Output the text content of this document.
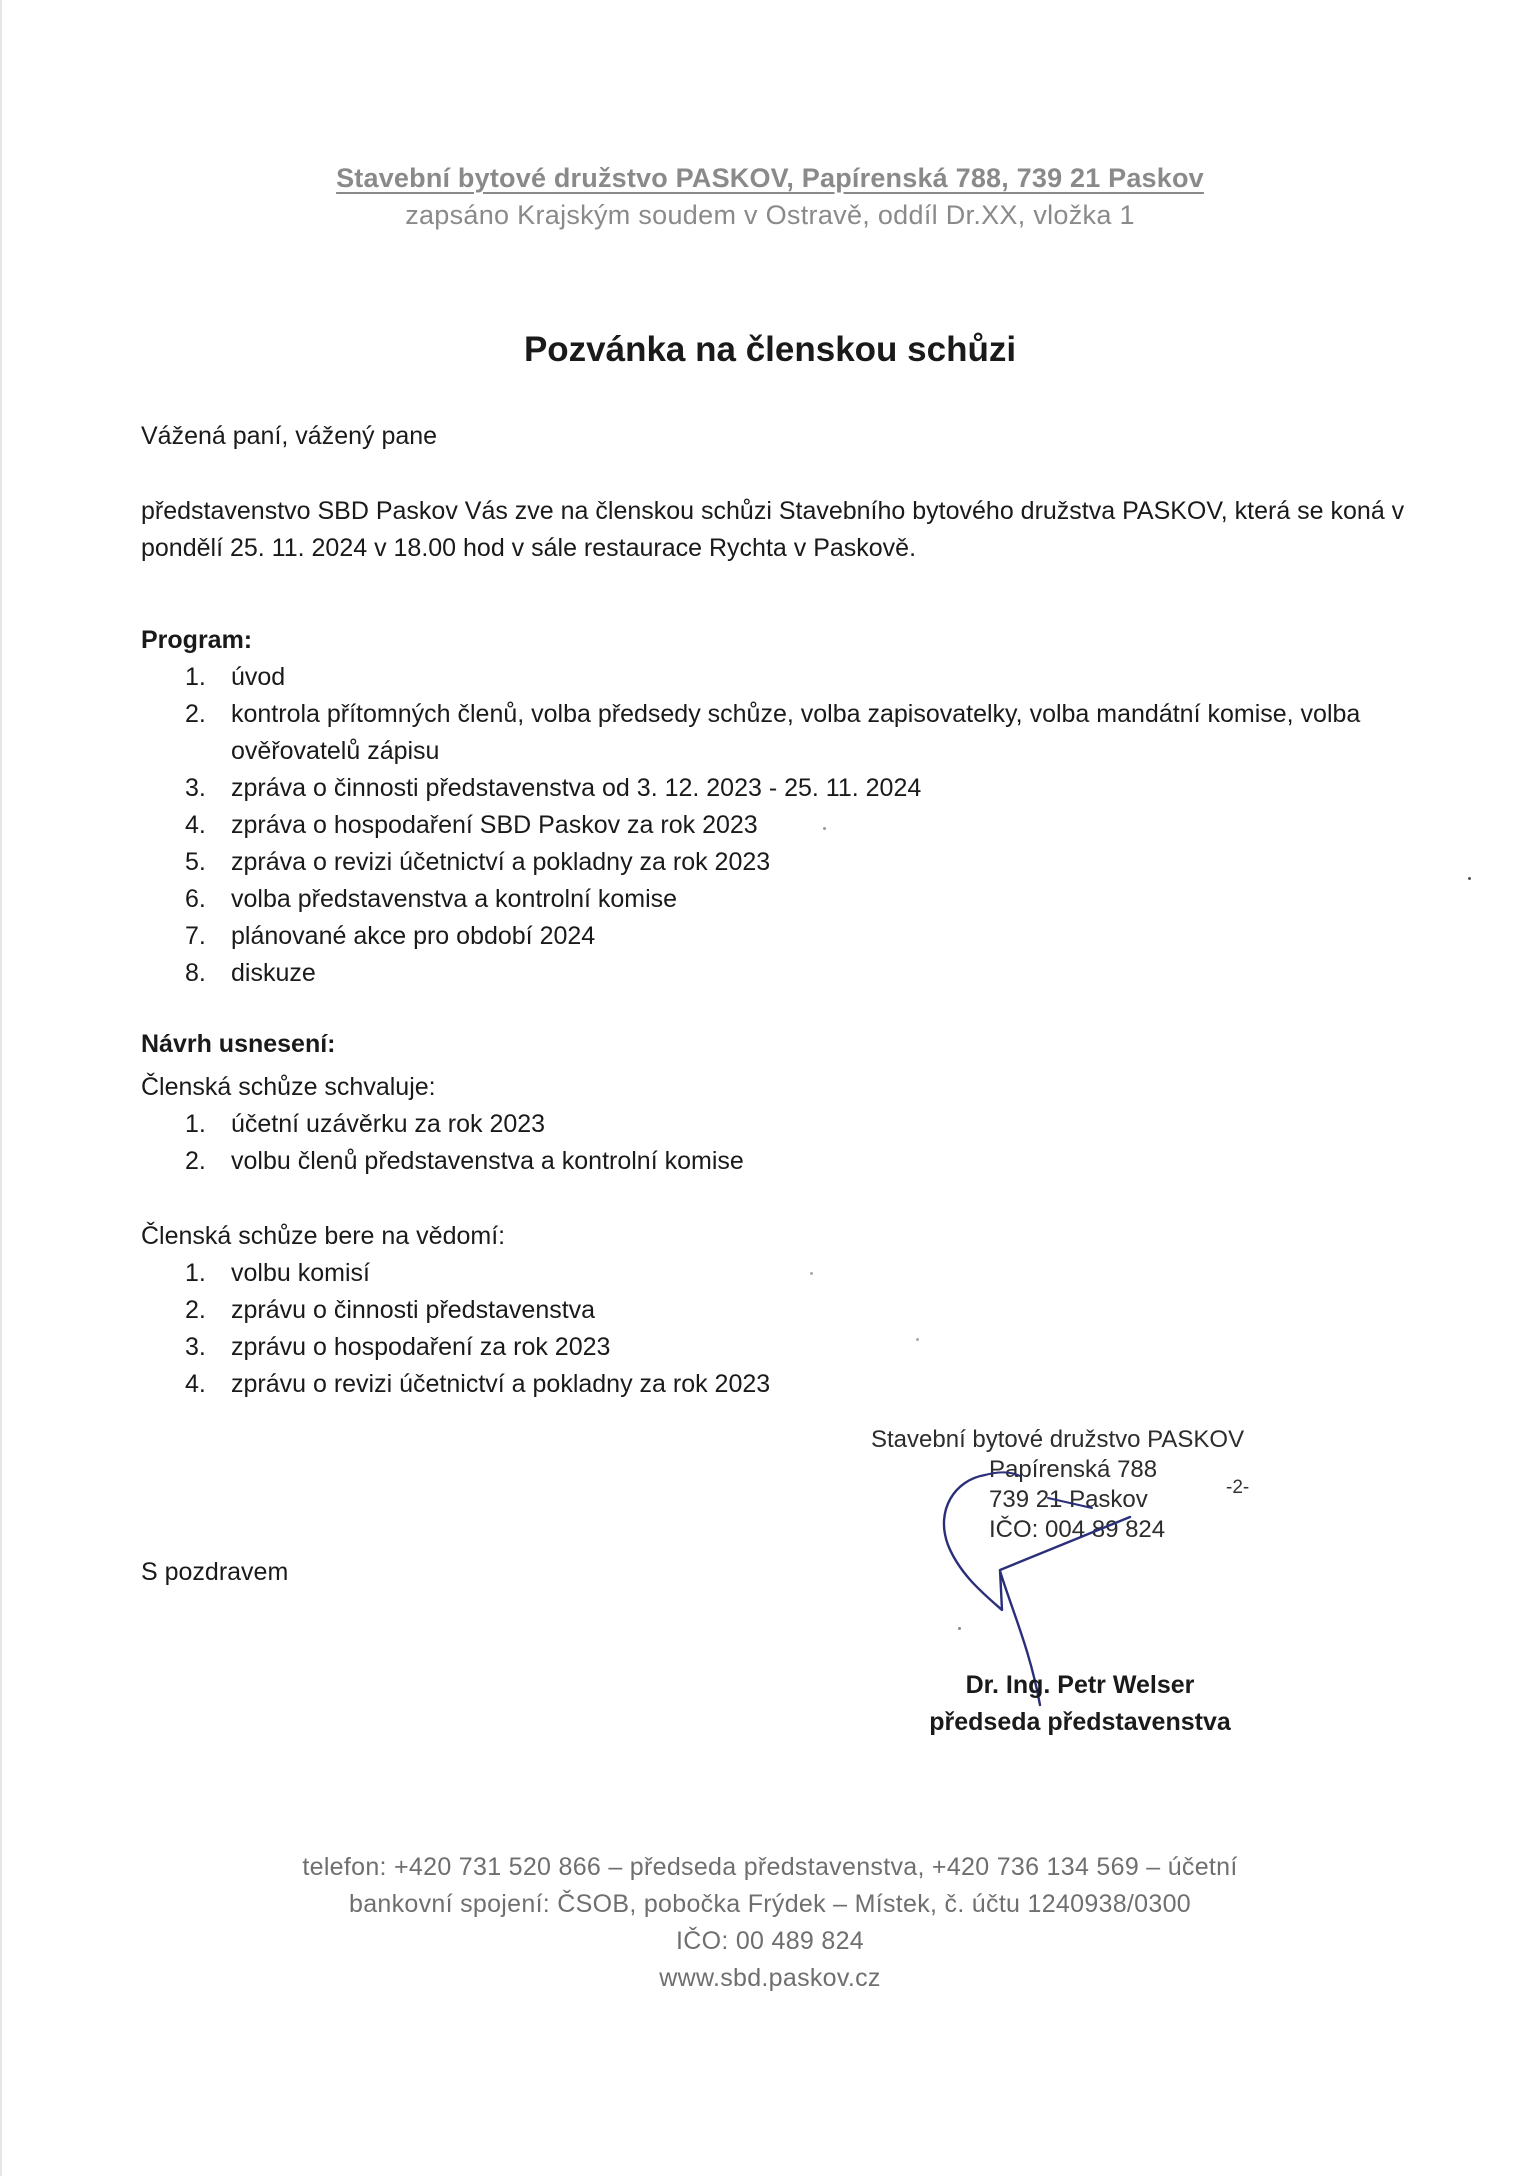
Stavební bytové družstvo PASKOV, Papírenská 788, 739 21 Paskov
zapsáno Krajským soudem v Ostravě, oddíl Dr.XX, vložka 1
Pozvánka na členskou schůzi
Vážená paní, vážený pane
představenstvo SBD Paskov Vás zve na členskou schůzi Stavebního bytového družstva PASKOV, která se koná v pondělí 25. 11. 2024 v 18.00 hod v sále restaurace Rychta v Paskově.
Program:
1. úvod
2. kontrola přítomných členů, volba předsedy schůze, volba zapisovatelky, volba mandátní komise, volba ověřovatelů zápisu
3. zpráva o činnosti představenstva od 3. 12. 2023 - 25. 11. 2024
4. zpráva o hospodaření SBD Paskov za rok 2023
5. zpráva o revizi účetnictví a pokladny za rok 2023
6. volba představenstva a kontrolní komise
7. plánované akce pro období 2024
8. diskuze
Návrh usnesení:
Členská schůze schvaluje:
1. účetní uzávěrku za rok 2023
2. volbu členů představenstva a kontrolní komise
Členská schůze bere na vědomí:
1. volbu komisí
2. zprávu o činnosti představenstva
3. zprávu o hospodaření za rok 2023
4. zprávu o revizi účetnictví a pokladny za rok 2023
S pozdravem
Stavební bytové družstvo PASKOV
Papírenská 788
739 21 Paskov
IČO: 004 89 824
-2-
Dr. Ing. Petr Welser
předseda představenstva
telefon: +420 731 520 866 – předseda představenstva, +420 736 134 569 – účetní
bankovní spojení: ČSOB, pobočka Frýdek – Místek, č. účtu 1240938/0300
IČO: 00 489 824
www.sbd.paskov.cz
